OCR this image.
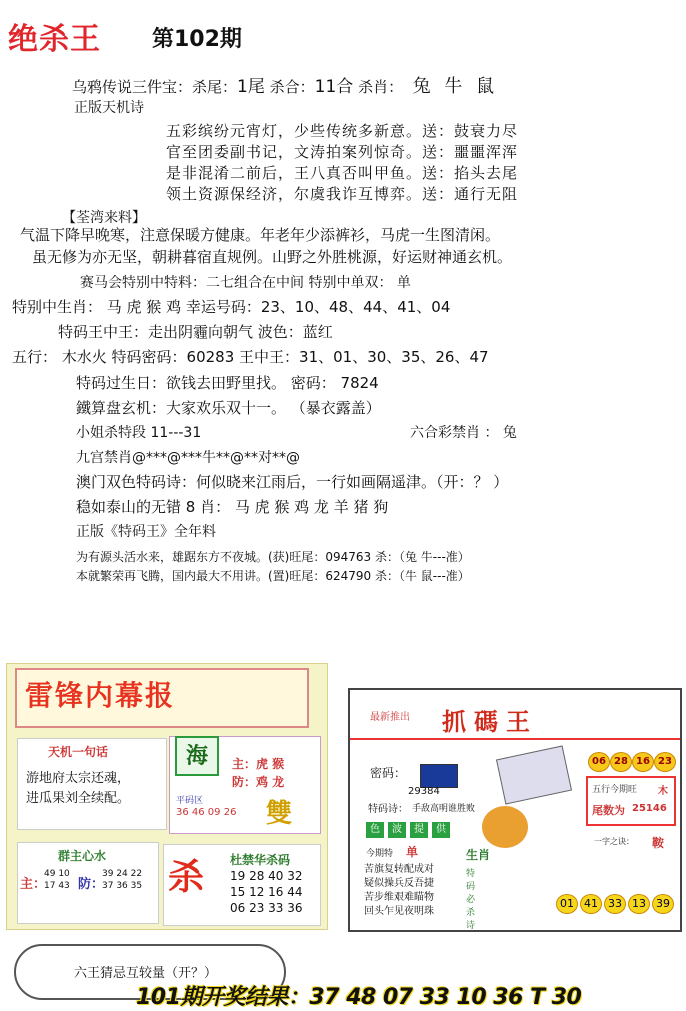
绝杀王 第102期
乌鸦传说三件宝：杀尾：1尾 杀合：11合 杀肖： 兔 牛 鼠
正版天机诗
五彩缤纷元宵灯，少些传统多新意。送：鼓衰力尽
官至团委副书记，文涛拍案列惊奇。送：噩噩浑浑
是非混淆二前后，王八真否叫甲鱼。送：掐头去尾
领土资源保经济，尔虞我诈互博弈。送：通行无阻
【荃湾来料】
气温下降早晚寒，注意保暖方健康。年老年少添裤衫，马虎一生图清闲。
虽无修为亦无坚，朝耕暮宿直规例。山野之外胜桃源，好运财神通玄机。
赛马会特别中特料：二七组合在中间 特别中单双： 单
特别中生肖： 马 虎 猴 鸡 幸运号码：23、10、48、44、41、04
特码王中王：走出阴霾向朝气 波色：蓝红
五行： 木水火 特码密码：60283 王中王：31、01、30、35、26、47
特码过生日：欲钱去田野里找。 密码： 7824
鐵算盘玄机：大家欢乐双十一。 （暴衣露盖）
小姐杀特段 11---31	六合彩禁肖 ： 兔
九宫禁肖@***@***牛**@**对**@
澳门双色特码诗：何似晓来江雨后，一行如画隔遥津。（开：？ ）
稳如泰山的无错 8 肖： 马 虎 猴 鸡 龙 羊 猪 狗
正版《特码王》全年料
为有源头活水来，雄踞东方不夜城。(获)旺尾：094763 杀：（兔 牛---准）
本就繁荣再飞腾，国内最大不用讲。(置)旺尾：624790 杀：（牛 鼠---准）
雷锋内幕报
天机一句话
游地府太宗还魂，
进瓜果刘全续配。
主：虎 猴
防：鸡 龙
平码区
36 46 09 26 雙
群主心水
主：
49 10
17 43 防：
39 24 22
37 36 35 杀 杜禁华杀码
19 28 40 32
15 12 16 44
06 23 33 36
海
最新推出 抓碼王
密码：
29384
特码诗： 手敌高明谁胜败
06 28 16 23
五行今期旺 木
尾数为 25146
一字之诀： 鞍
色	波	提	供
生肖
今期特 单
苦旗复转配成对
疑似操兵反吾捷
苦步维艰难瞄物
回头乍见夜明珠
特码必杀诗
01 41 33 13 39
六王猜忌互较量（开？）
101期开奖结果：37 48 07 33 10 36 T 30
